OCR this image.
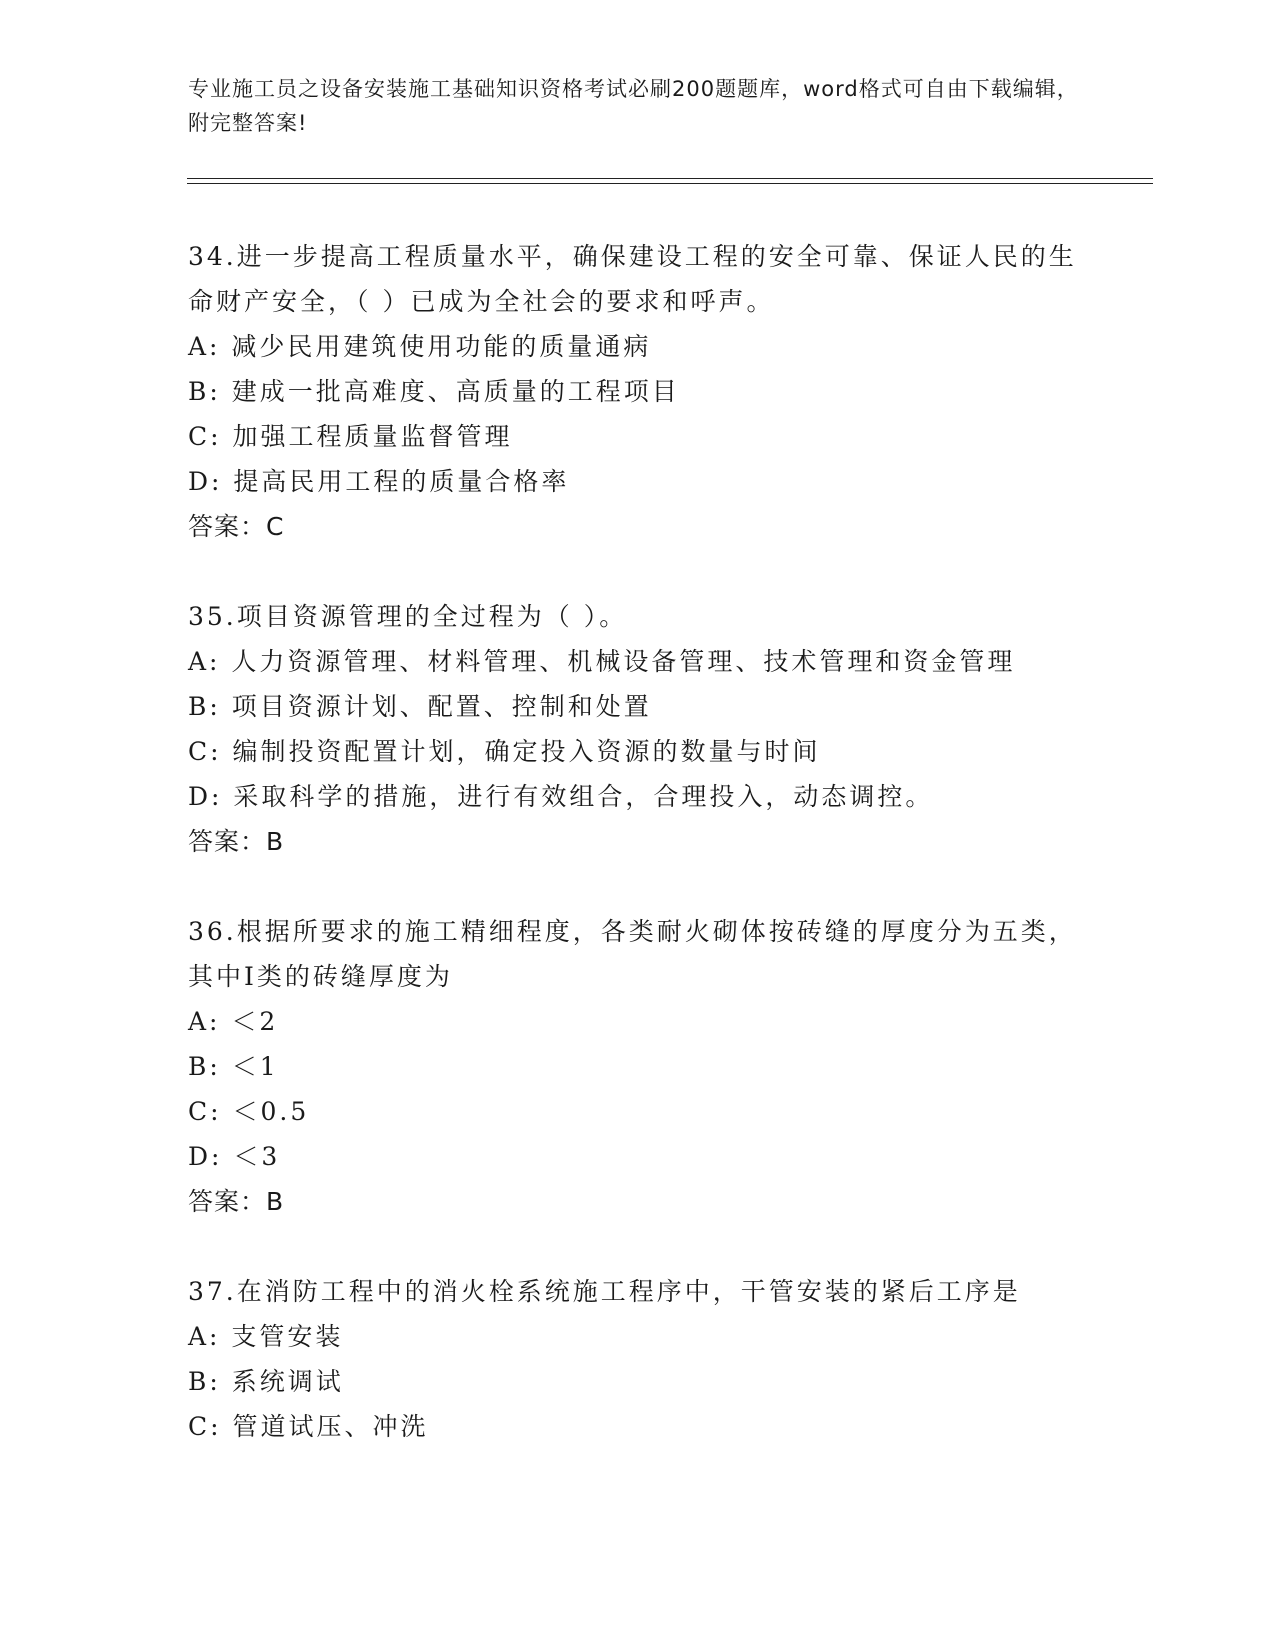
专业施工员之设备安装施工基础知识资格考试必刷200题题库，word格式可自由下载编辑，附完整答案!
34.进一步提高工程质量水平，确保建设工程的安全可靠、保证人民的生命财产安全，（ ）已成为全社会的要求和呼声。
A: 减少民用建筑使用功能的质量通病
B: 建成一批高难度、高质量的工程项目
C: 加强工程质量监督管理
D: 提高民用工程的质量合格率
答案：C
35.项目资源管理的全过程为（ ）。
A: 人力资源管理、材料管理、机械设备管理、技术管理和资金管理
B: 项目资源计划、配置、控制和处置
C: 编制投资配置计划，确定投入资源的数量与时间
D: 采取科学的措施，进行有效组合，合理投入，动态调控。
答案：B
36.根据所要求的施工精细程度，各类耐火砌体按砖缝的厚度分为五类，其中I类的砖缝厚度为
A: ＜2
B: ＜1
C: ＜0.5
D: ＜3
答案：B
37.在消防工程中的消火栓系统施工程序中，干管安装的紧后工序是
A: 支管安装
B: 系统调试
C: 管道试压、冲洗
